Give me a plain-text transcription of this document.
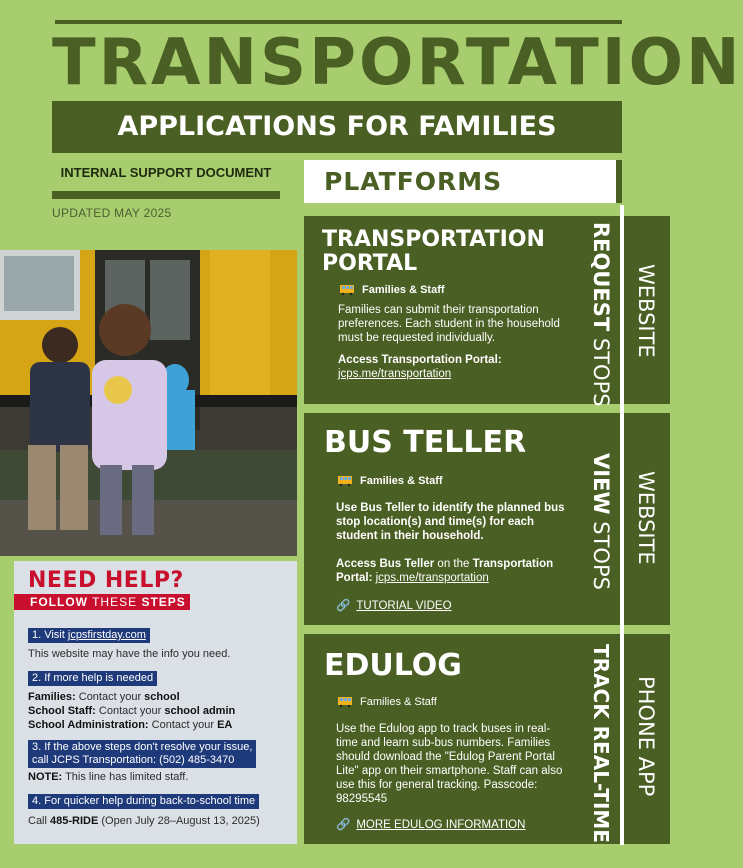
TRANSPORTATION
APPLICATIONS FOR FAMILIES
INTERNAL SUPPORT DOCUMENT
UPDATED MAY 2025
PLATFORMS
TRANSPORTATION
PORTAL
Families & Staff
Families can submit their transportation preferences. Each student in the household must be requested individually.
Access Transportation Portal:
jcps.me/transportation
REQUEST STOPS
WEBSITE
BUS TELLER
Families & Staff
Use Bus Teller to identify the planned bus stop location(s) and time(s) for each student in their household.
Access Bus Teller on the Transportation Portal: jcps.me/transportation
🔗 TUTORIAL VIDEO
VIEW STOPS WEBSITE
EDULOG
Families & Staff
Use the Edulog app to track buses in real-time and learn sub-bus numbers. Families should download the "Edulog Parent Portal Lite" app on their smartphone. Staff can also use this for general tracking. Passcode: 98295545
🔗 MORE EDULOG INFORMATION	TRACK REAL-TIME PHONE APP
NEED HELP?
FOLLOW THESE STEPS
1. Visit jcpsfirstday.com
This website may have the info you need.
2. If more help is needed
Families: Contact your school
School Staff: Contact your school admin
School Administration: Contact your EA
3. If the above steps don't resolve your issue,
call JCPS Transportation: (502) 485-3470
NOTE: This line has limited staff.
4. For quicker help during back-to-school time
Call 485-RIDE (Open July 28–August 13, 2025)
